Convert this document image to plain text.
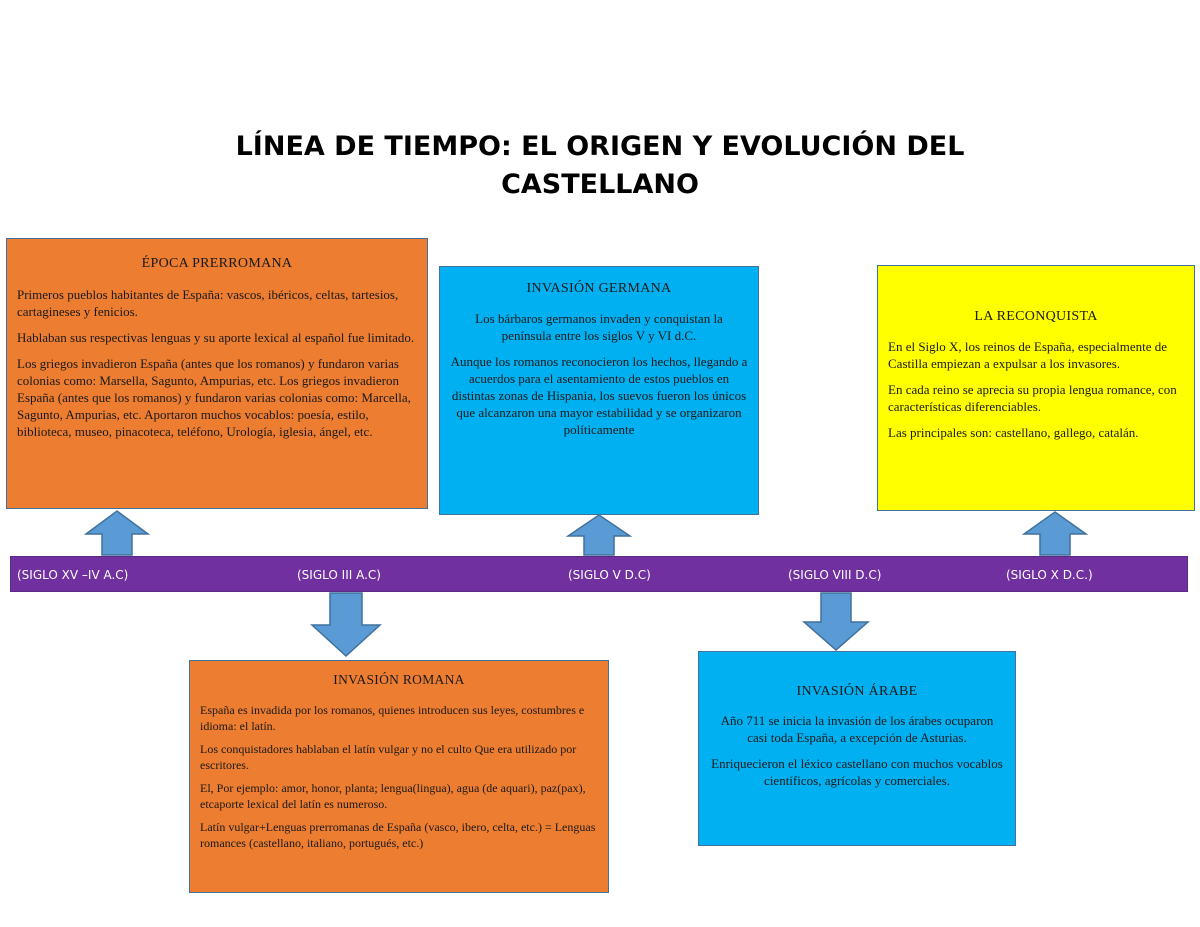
LÍNEA DE TIEMPO: EL ORIGEN Y EVOLUCIÓN DEL
CASTELLANO

ÉPOCA PRERROMANA

Primeros pueblos habitantes de España: vascos, ibéricos, celtas, tartesios, cartagineses y fenicios.

Hablaban sus respectivas lenguas y su aporte lexical al español fue limitado.

Los griegos invadieron España (antes que los romanos) y fundaron varias colonias como: Marsella, Sagunto, Ampurias, etc. Los griegos invadieron España (antes que los romanos) y fundaron varias colonias como: Marcella, Sagunto, Ampurias, etc. Aportaron muchos vocablos: poesía, estilo, biblioteca, museo, pinacoteca, teléfono, Urología, iglesia, ángel, etc.

INVASIÓN GERMANA

Los bárbaros germanos invaden y conquistan la península entre los siglos V y VI d.C.

Aunque los romanos reconocieron los hechos, llegando a acuerdos para el asentamiento de estos pueblos en distintas zonas de Hispania, los suevos fueron los únicos que alcanzaron una mayor estabilidad y se organizaron políticamente

LA RECONQUISTA

En el Siglo X, los reinos de España, especialmente de Castilla empiezan a expulsar a los invasores.

En cada reino se aprecia su propia lengua romance, con características diferenciables.

Las principales son: castellano, gallego, catalán.

(SIGLO XV –IV A.C)	(SIGLO III A.C)	(SIGLO V D.C)	(SIGLO VIII D.C)	(SIGLO X D.C.)

INVASIÓN ROMANA

España es invadida por los romanos, quienes introducen sus leyes, costumbres e idioma: el latín.

Los conquistadores hablaban el latín vulgar y no el culto Que era utilizado por escritores.

El, Por ejemplo: amor, honor, planta; lengua(lingua), agua (de aquari), paz(pax), etcaporte lexical del latín es numeroso.

Latín vulgar+Lenguas prerromanas de España (vasco, ibero, celta, etc.) = Lenguas romances (castellano, italiano, portugués, etc.)

INVASIÓN ÁRABE

Año 711 se inicia la invasión de los árabes ocuparon casi toda España, a excepción de Asturias.

Enriquecieron el léxico castellano con muchos vocablos científicos, agrícolas y comerciales.
